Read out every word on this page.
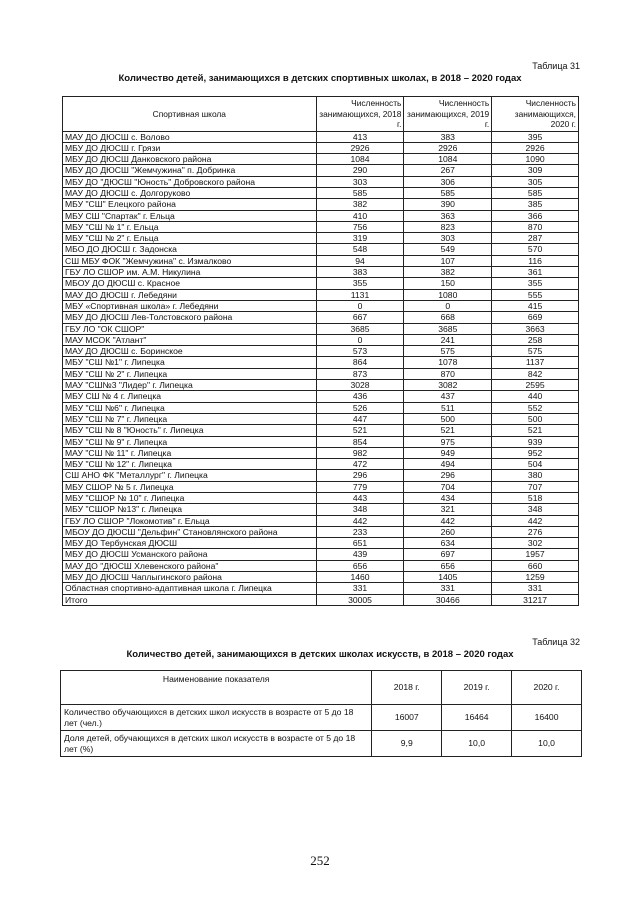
Таблица 31
Количество детей, занимающихся в детских спортивных школах, в 2018 – 2020 годах
Спортивная школа	Численность занимающихся, 2018 г.	Численность занимающихся, 2019 г.	Численность занимающихся, 2020 г.
МАУ ДО ДЮСШ с. Волово	413	383	395
МБУ ДО ДЮСШ г. Грязи	2926	2926	2926
МБУ ДО ДЮСШ Данковского района	1084	1084	1090
МБУ ДО ДЮСШ "Жемчужина" п. Добринка	290	267	309
МБУ ДО "ДЮСШ "Юность" Добровского района	303	306	305
МАУ ДО ДЮСШ с. Долгоруково	585	585	585
МБУ "СШ" Елецкого района	382	390	385
МБУ СШ "Спартак" г. Ельца	410	363	366
МБУ "СШ № 1" г. Ельца	756	823	870
МБУ "СШ № 2" г. Ельца	319	303	287
МБО ДО ДЮСШ г. Задонска	548	549	570
СШ МБУ ФОК "Жемчужина" с. Измалково	94	107	116
ГБУ ЛО СШОР им. А.М. Никулина	383	382	361
МБОУ ДО ДЮСШ с. Красное	355	150	355
МАУ ДО ДЮСШ г. Лебедяни	1131	1080	555
МБУ «Спортивная школа» г. Лебедяни	0	0	415
МБУ ДО ДЮСШ Лев-Толстовского района	667	668	669
ГБУ ЛО "ОК СШОР"	3685	3685	3663
МАУ МСОК "Атлант"	0	241	258
МАУ ДО ДЮСШ с. Боринское	573	575	575
МБУ "СШ №1" г. Липецка	864	1078	1137
МБУ "СШ № 2" г. Липецка	873	870	842
МАУ "СШ№3 "Лидер" г. Липецка	3028	3082	2595
МБУ СШ № 4 г. Липецка	436	437	440
МБУ "СШ №6" г. Липецка	526	511	552
МБУ "СШ № 7" г. Липецка	447	500	500
МБУ "СШ № 8 "Юность" г. Липецка	521	521	521
МБУ "СШ № 9" г. Липецка	854	975	939
МАУ "СШ № 11" г. Липецка	982	949	952
МБУ "СШ № 12" г. Липецка	472	494	504
СШ АНО ФК "Металлург" г. Липецка	296	296	380
МБУ СШОР № 5 г. Липецка	779	704	707
МБУ "СШОР № 10" г. Липецка	443	434	518
МБУ "СШОР №13" г. Липецка	348	321	348
ГБУ ЛО СШОР "Локомотив" г. Ельца	442	442	442
МБОУ ДО ДЮСШ "Дельфин" Становлянского района	233	260	276
МБУ ДО Тербунская ДЮСШ	651	634	302
МБУ ДО ДЮСШ Усманского района	439	697	1957
МАУ ДО "ДЮСШ Хлевенского района"	656	656	660
МБУ ДО ДЮСШ Чаплыгинского района	1460	1405	1259
Областная спортивно-адаптивная школа г. Липецка	331	331	331
Итого	30005	30466	31217
Таблица 32
Количество детей, занимающихся в детских школах искусств, в 2018 – 2020 годах
Наименование показателя	2018 г.	2019 г.	2020 г.
Количество обучающихся в детских школ искусств в возрасте от 5 до 18 лет (чел.)	16007	16464	16400
Доля детей, обучающихся в детских школ искусств в возрасте от 5 до 18 лет (%)	9,9	10,0	10,0
252
